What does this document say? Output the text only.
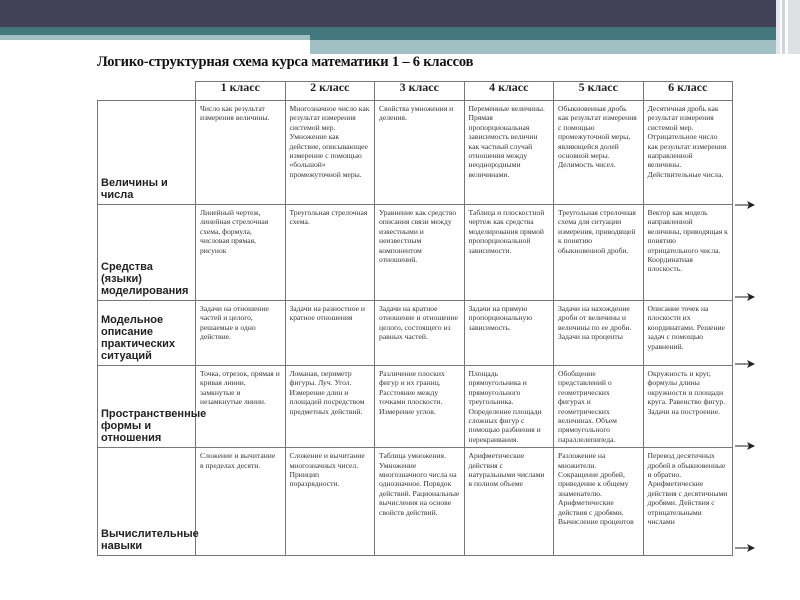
Логико-структурная схема курса математики 1 – 6 классов
	1 класс	2 класс	3 класс	4 класс	5 класс	6 класс
Величины и числа	Число как результат измерения величины.	Многозначное число как результат измерения системой мер. Умножение как действие, описывающее измерение с помощью «большой» промежуточной меры.	Свойства умножения и деления.	Переменные величины. Прямая пропорциональная зависимость величин как частный случай отношения между неоднородными величинами.	Обыкновенная дробь как результат измерения с помощью промежуточной меры, являющейся долей основной меры. Делимость чисел.	Десятичная дробь как результат измерения системой мер. Отрицательное число как результат измерения направленной величины. Действительные числа.
Средства (языки) моделирования	Линейный чертеж, линейная стрелочная схема, формула, числовая прямая, рисунок	Треугольная стрелочная схема.	Уравнение как средство описания связи между известными и неизвестным компонентом отношений.	Таблица и плоскостной чертеж как средства моделирования прямой пропорциональной зависимости.	Треугольная стрелочная схема для ситуации измерения, приводящей к понятию обыкновенной дроби.	Вектор как модель направленной величины, приводящая к понятию отрицательного числа. Координатная плоскость.
Модельное описание практических ситуаций	Задачи на отношение частей и целого, решаемые в одно действие.	Задачи на разностное и кратное отношения	Задачи на кратное отношение и отношение целого, состоящего из равных частей.	Задачи на прямую пропорциональную зависимость.	Задачи на нахождение дроби от величины и величины по ее дроби. Задачи на проценты	Описание точек на плоскости их координатами. Решение задач с помощью уравнений.
Пространственные формы и отношения	Точка, отрезок, прямая и кривая линии, замкнутые и незамкнутые линии.	Ломаная, периметр фигуры. Луч. Угол. Измерение длин и площадей посредством предметных действий.	Различение плоских фигур и их границ. Расстояние между точками плоскости. Измерение углов.	Площадь прямоугольника и прямоугольного треугольника. Определение площади сложных фигур с помощью разбиения и перекраивания.	Обобщение представлений о геометрических фигурах и геометрических величинах. Объем прямоугольного параллелепипеда.	Окружность и круг, формулы длины окружности и площади круга. Равенство фигур. Задачи на построение.
Вычислительные навыки	Сложение и вычитание в пределах десяти.	Сложение и вычитание многозначных чисел. Принцип поразрядности.	Таблица умножения. Умножение многозначного числа на однозначное. Порядок действий. Рациональные вычисления на основе свойств действий.	Арифметические действия с натуральными числами в полном объеме	Разложение на множители. Сокращение дробей, приведение к общему знаменателю. Арифметические действия с дробями. Вычисление процентов	Перевод десятичных дробей в обыкновенные и обратно. Арифметические действия с десятичными дробями. Действия с отрицательными числами
